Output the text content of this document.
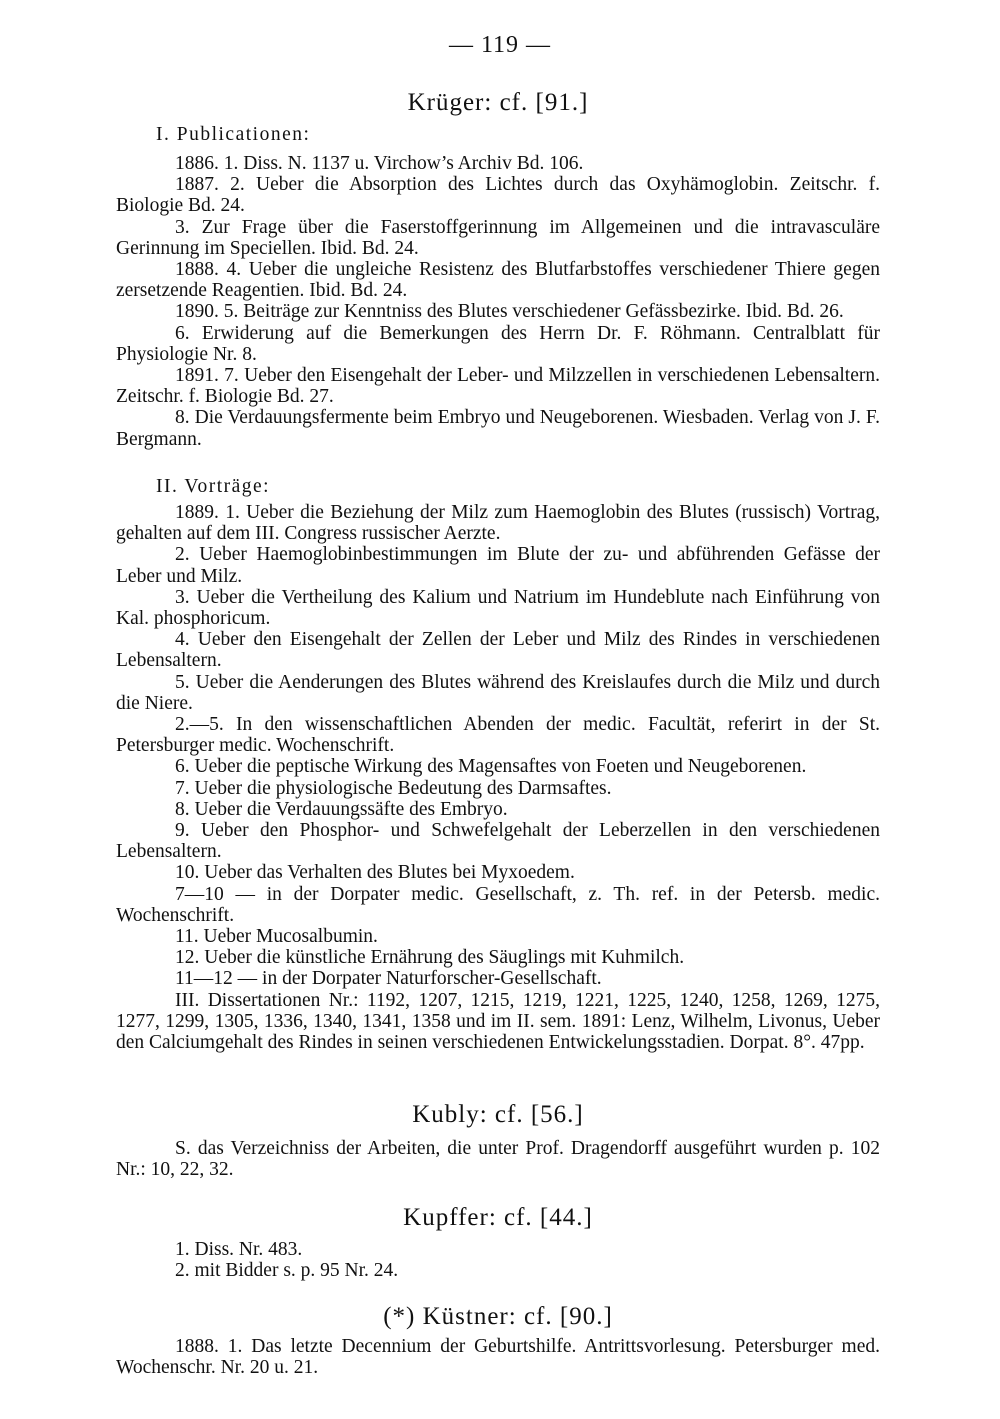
— 119 —
Krüger: cf. [91.]
I. Publicationen:

1886. 1. Diss. N. 1137 u. Virchow’s Archiv Bd. 106.

1887. 2. Ueber die Absorption des Lichtes durch das Oxyhämoglobin. Zeitschr. f. Biologie Bd. 24.

3. Zur Frage über die Faserstoffgerinnung im Allgemeinen und die intravasculäre Gerinnung im Speciellen. Ibid. Bd. 24.

1888. 4. Ueber die ungleiche Resistenz des Blutfarbstoffes verschiedener Thiere gegen zersetzende Reagentien. Ibid. Bd. 24.

1890. 5. Beiträge zur Kenntniss des Blutes verschiedener Gefässbezirke. Ibid. Bd. 26.

6. Erwiderung auf die Bemerkungen des Herrn Dr. F. Röhmann. Centralblatt für Physiologie Nr. 8.

1891. 7. Ueber den Eisengehalt der Leber- und Milzzellen in verschiedenen Lebensaltern. Zeitschr. f. Biologie Bd. 27.

8. Die Verdauungsfermente beim Embryo und Neugeborenen. Wiesbaden. Verlag von J. F. Bergmann.

II. Vorträge:

1889. 1. Ueber die Beziehung der Milz zum Haemoglobin des Blutes (russisch) Vortrag, gehalten auf dem III. Congress russischer Aerzte.

2. Ueber Haemoglobinbestimmungen im Blute der zu- und abführenden Gefässe der Leber und Milz.

3. Ueber die Vertheilung des Kalium und Natrium im Hundeblute nach Einführung von Kal. phosphoricum.

4. Ueber den Eisengehalt der Zellen der Leber und Milz des Rindes in verschiedenen Lebensaltern.

5. Ueber die Aenderungen des Blutes während des Kreislaufes durch die Milz und durch die Niere.

2.—5. In den wissenschaftlichen Abenden der medic. Facultät, referirt in der St. Petersburger medic. Wochenschrift.

6. Ueber die peptische Wirkung des Magensaftes von Foeten und Neugeborenen.

7. Ueber die physiologische Bedeutung des Darmsaftes.

8. Ueber die Verdauungssäfte des Embryo.

9. Ueber den Phosphor- und Schwefelgehalt der Leberzellen in den verschiedenen Lebensaltern.

10. Ueber das Verhalten des Blutes bei Myxoedem.

7—10 — in der Dorpater medic. Gesellschaft, z. Th. ref. in der Petersb. medic. Wochenschrift.

11. Ueber Mucosalbumin.

12. Ueber die künstliche Ernährung des Säuglings mit Kuhmilch.

11—12 — in der Dorpater Naturforscher-Gesellschaft.

III. Dissertationen Nr.: 1192, 1207, 1215, 1219, 1221, 1225, 1240, 1258, 1269, 1275, 1277, 1299, 1305, 1336, 1340, 1341, 1358 und im II. sem. 1891: Lenz, Wilhelm, Livonus, Ueber den Calciumgehalt des Rindes in seinen verschiedenen Entwickelungsstadien. Dorpat. 8°. 47pp.

Kubly: cf. [56.]

S. das Verzeichniss der Arbeiten, die unter Prof. Dragendorff ausgeführt wurden p. 102 Nr.: 10, 22, 32.

Kupffer: cf. [44.]

1. Diss. Nr. 483.

2. mit Bidder s. p. 95 Nr. 24.

(*) Küstner: cf. [90.]

1888. 1. Das letzte Decennium der Geburtshilfe. Antrittsvorlesung. Petersburger med. Wochenschr. Nr. 20 u. 21.
